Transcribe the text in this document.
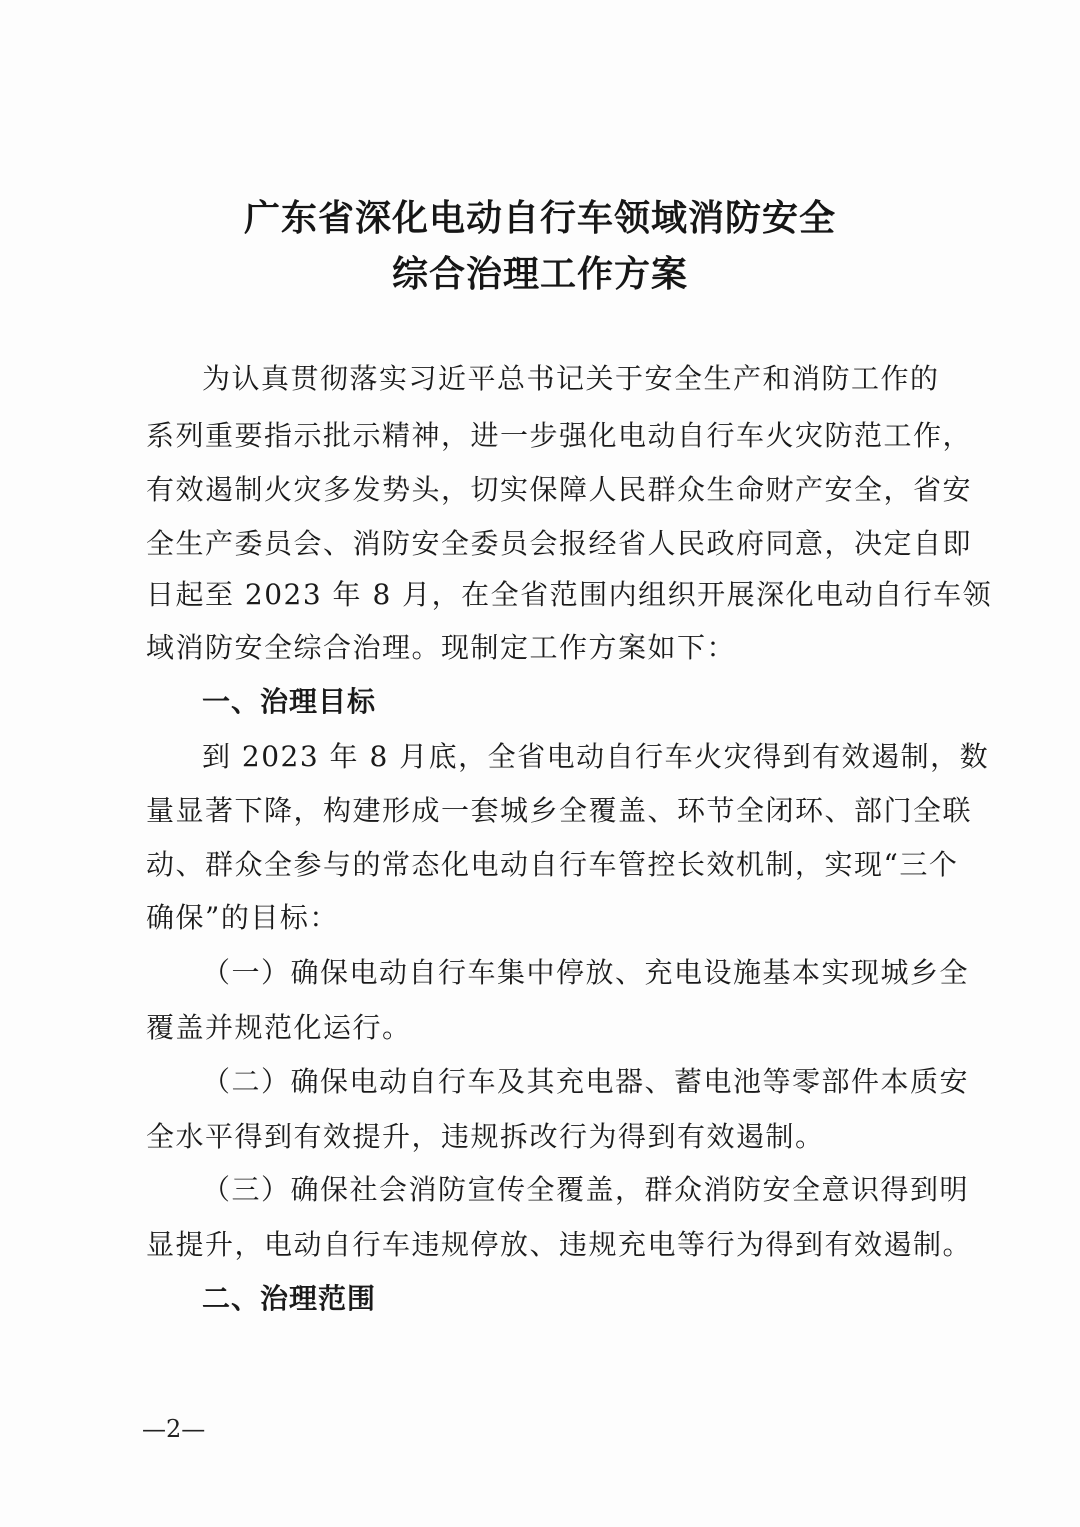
广东省深化电动自行车领域消防安全
综合治理工作方案
为认真贯彻落实习近平总书记关于安全生产和消防工作的
系列重要指示批示精神，进一步强化电动自行车火灾防范工作，
有效遏制火灾多发势头，切实保障人民群众生命财产安全，省安
全生产委员会、消防安全委员会报经省人民政府同意，决定自即
日起至 2023 年 8 月，在全省范围内组织开展深化电动自行车领
域消防安全综合治理。现制定工作方案如下：
一、治理目标
到 2023 年 8 月底，全省电动自行车火灾得到有效遏制，数
量显著下降，构建形成一套城乡全覆盖、环节全闭环、部门全联
动、群众全参与的常态化电动自行车管控长效机制，实现“三个
确保”的目标：
（一）确保电动自行车集中停放、充电设施基本实现城乡全
覆盖并规范化运行。
（二）确保电动自行车及其充电器、蓄电池等零部件本质安
全水平得到有效提升，违规拆改行为得到有效遏制。
（三）确保社会消防宣传全覆盖，群众消防安全意识得到明
显提升，电动自行车违规停放、违规充电等行为得到有效遏制。
二、治理范围
—2—
